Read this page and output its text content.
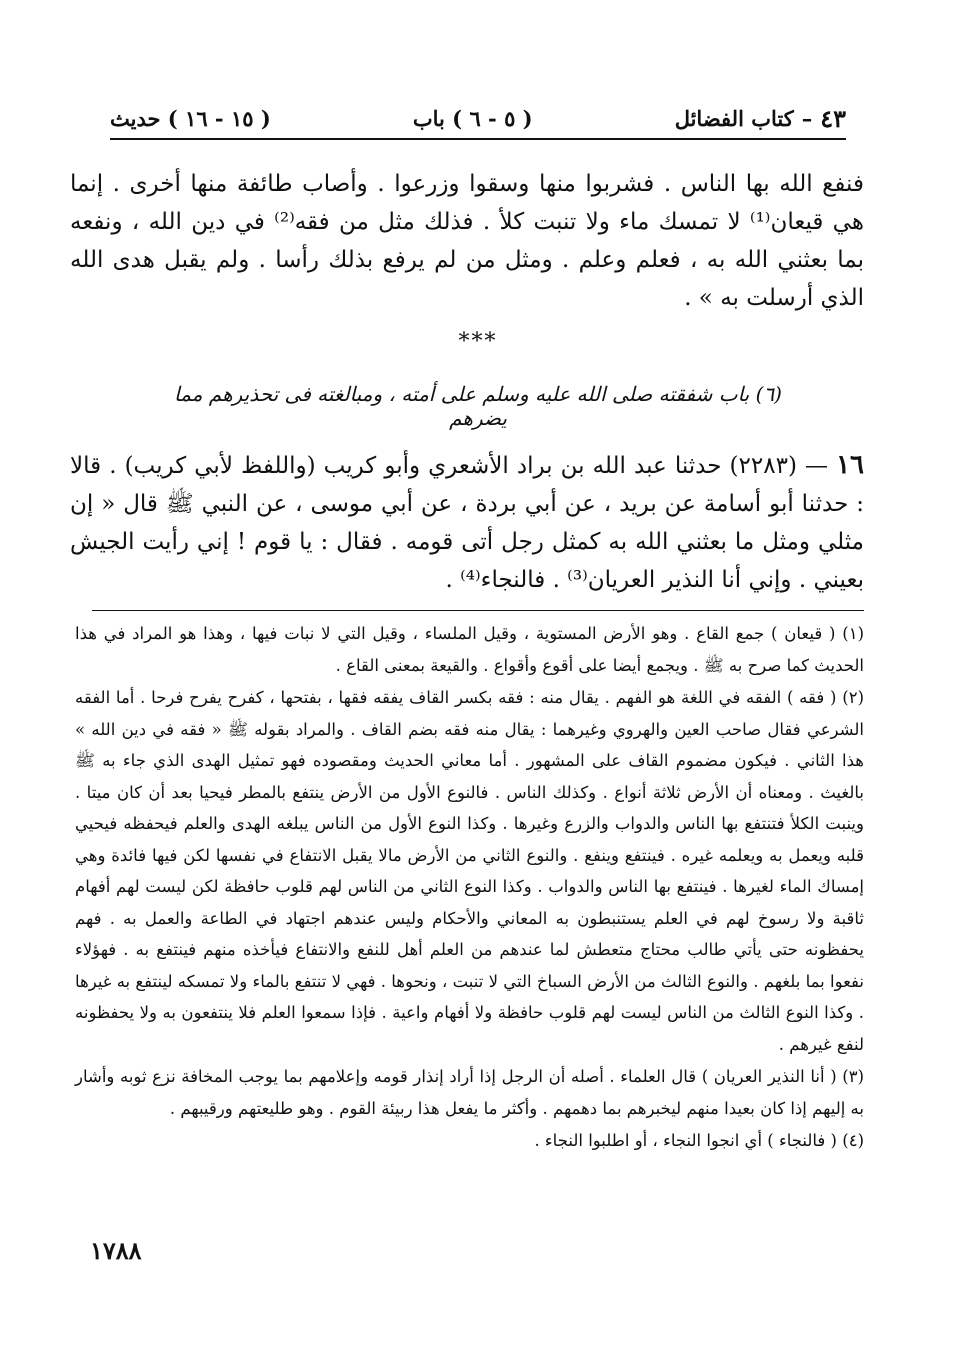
٤٣
–
كتاب الفضائل
( ٥ - ٦ ) باب
( ١٥ - ١٦ ) حديث
فنفع الله بها الناس . فشربوا منها وسقوا وزرعوا . وأصاب طائفة منها أخرى . إنما هي قيعان⁽¹⁾ لا تمسك ماء ولا تنبت كلأ . فذلك مثل من فقه⁽²⁾ في دين الله ، ونفعه بما بعثني الله به ، فعلم وعلم . ومثل من لم يرفع بذلك رأسا . ولم يقبل هدى الله الذي أرسلت به » .
⁎⁎⁎
(٦) باب شفقته صلى الله عليه وسلم على أمته ، ومبالغته فى تحذيرهم مما يضرهم
١٦ — (٢٢٨٣) حدثنا عبد الله بن براد الأشعري وأبو كريب (واللفظ لأبي كريب) . قالا : حدثنا أبو أسامة عن بريد ، عن أبي بردة ، عن أبي موسى ، عن النبي ﷺ قال « إن مثلي ومثل ما بعثني الله به كمثل رجل أتى قومه . فقال : يا قوم ! إني رأيت الجيش بعيني . وإني أنا النذير العريان⁽³⁾ . فالنجاء⁽⁴⁾ .

(١) ( قيعان ) جمع القاع . وهو الأرض المستوية ، وقيل الملساء ، وقيل التي لا نبات فيها ، وهذا هو المراد في هذا الحديث كما صرح به ﷺ . ويجمع أيضا على أقوع وأقواع . والقيعة بمعنى القاع .

(٢) ( فقه ) الفقه في اللغة هو الفهم . يقال منه : فقه بكسر القاف يفقه فقها ، بفتحها ، كفرح يفرح فرحا . أما الفقه الشرعي فقال صاحب العين والهروي وغيرهما : يقال منه فقه بضم القاف . والمراد بقوله ﷺ « فقه في دين الله » هذا الثاني . فيكون مضموم القاف على المشهور . أما معاني الحديث ومقصوده فهو تمثيل الهدى الذي جاء به ﷺ بالغيث . ومعناه أن الأرض ثلاثة أنواع . وكذلك الناس . فالنوع الأول من الأرض ينتفع بالمطر فيحيا بعد أن كان ميتا . وينبت الكلأ فتنتفع بها الناس والدواب والزرع وغيرها . وكذا النوع الأول من الناس يبلغه الهدى والعلم فيحفظه فيحيي قلبه ويعمل به ويعلمه غيره . فينتفع وينفع . والنوع الثاني من الأرض مالا يقبل الانتفاع في نفسها لكن فيها فائدة وهي إمساك الماء لغيرها . فينتفع بها الناس والدواب . وكذا النوع الثاني من الناس لهم قلوب حافظة لكن ليست لهم أفهام ثاقبة ولا رسوخ لهم في العلم يستنبطون به المعاني والأحكام وليس عندهم اجتهاد في الطاعة والعمل به . فهم يحفظونه حتى يأتي طالب محتاج متعطش لما عندهم من العلم أهل للنفع والانتفاع فيأخذه منهم فينتفع به . فهؤلاء نفعوا بما بلغهم . والنوع الثالث من الأرض السباخ التي لا تنبت ، ونحوها . فهي لا تنتفع بالماء ولا تمسكه لينتفع به غيرها . وكذا النوع الثالث من الناس ليست لهم قلوب حافظة ولا أفهام واعية . فإذا سمعوا العلم فلا ينتفعون به ولا يحفظونه لنفع غيرهم .

(٣) ( أنا النذير العريان ) قال العلماء . أصله أن الرجل إذا أراد إنذار قومه وإعلامهم بما يوجب المخافة نزع ثوبه وأشار به إليهم إذا كان بعيدا منهم ليخبرهم بما دهمهم . وأكثر ما يفعل هذا ربيئة القوم . وهو طليعتهم ورقيبهم .

(٤) ( فالنجاء ) أي انجوا النجاء ، أو اطلبوا النجاء .

١٧٨٨
